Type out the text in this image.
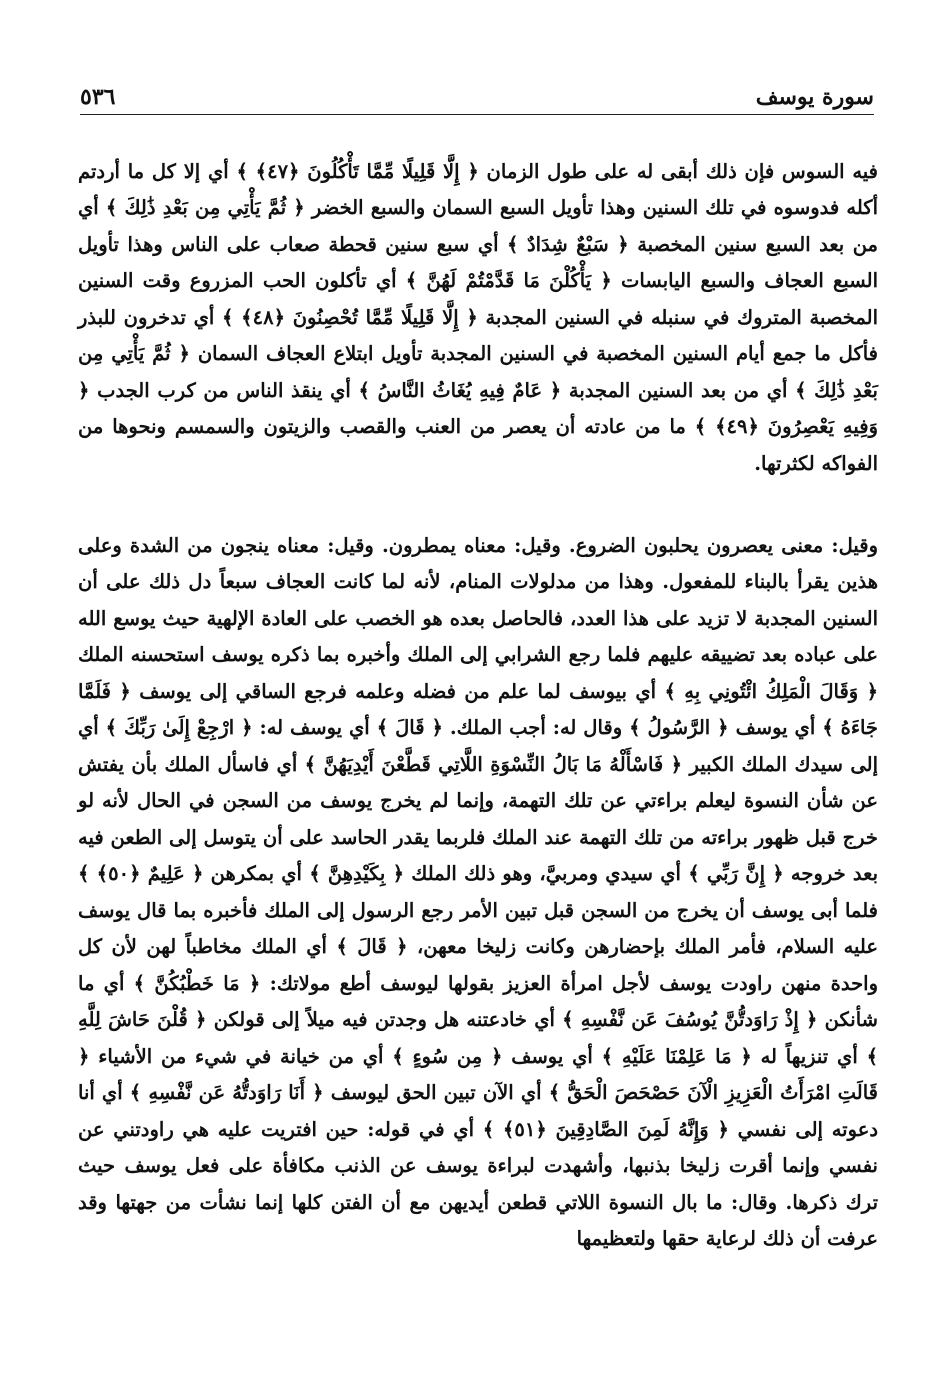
سورة يوسف
٥٣٦

فيه السوس فإن ذلك أبقى له على طول الزمان ﴿ إِلَّا قَلِيلًا مِّمَّا تَأْكُلُونَ ﴿٤٧﴾ ﴾ أي إلا كل ما أردتم أكله فدوسوه في تلك السنين وهذا تأويل السبع السمان والسبع الخضر ﴿ ثُمَّ يَأْتِي مِن بَعْدِ ذَٰلِكَ ﴾ أي من بعد السبع سنين المخصبة ﴿ سَبْعٌ شِدَادٌ ﴾ أي سبع سنين قحطة صعاب على الناس وهذا تأويل السبع العجاف والسبع اليابسات ﴿ يَأْكُلْنَ مَا قَدَّمْتُمْ لَهُنَّ ﴾ أي تأكلون الحب المزروع وقت السنين المخصبة المتروك في سنبله في السنين المجدبة ﴿ إِلَّا قَلِيلًا مِّمَّا تُحْصِنُونَ ﴿٤٨﴾ ﴾ أي تدخرون للبذر فأكل ما جمع أيام السنين المخصبة في السنين المجدبة تأويل ابتلاع العجاف السمان ﴿ ثُمَّ يَأْتِي مِن بَعْدِ ذَٰلِكَ ﴾ أي من بعد السنين المجدبة ﴿ عَامٌ فِيهِ يُغَاثُ النَّاسُ ﴾ أي ينقذ الناس من كرب الجدب ﴿ وَفِيهِ يَعْصِرُونَ ﴿٤٩﴾ ﴾ ما من عادته أن يعصر من العنب والقصب والزيتون والسمسم ونحوها من الفواكه لكثرتها.

وقيل: معنى يعصرون يحلبون الضروع. وقيل: معناه يمطرون. وقيل: معناه ينجون من الشدة وعلى هذين يقرأ بالبناء للمفعول. وهذا من مدلولات المنام، لأنه لما كانت العجاف سبعاً دل ذلك على أن السنين المجدبة لا تزيد على هذا العدد، فالحاصل بعده هو الخصب على العادة الإلهية حيث يوسع الله على عباده بعد تضييقه عليهم فلما رجع الشرابي إلى الملك وأخبره بما ذكره يوسف استحسنه الملك ﴿ وَقَالَ الْمَلِكُ ائْتُونِي بِهِ ﴾ أي بيوسف لما علم من فضله وعلمه فرجع الساقي إلى يوسف ﴿ فَلَمَّا جَاءَهُ ﴾ أي يوسف ﴿ الرَّسُولُ ﴾ وقال له: أجب الملك. ﴿ قَالَ ﴾ أي يوسف له: ﴿ ارْجِعْ إِلَىٰ رَبِّكَ ﴾ أي إلى سيدك الملك الكبير ﴿ فَاسْأَلْهُ مَا بَالُ النِّسْوَةِ اللَّاتِي قَطَّعْنَ أَيْدِيَهُنَّ ﴾ أي فاسأل الملك بأن يفتش عن شأن النسوة ليعلم براءتي عن تلك التهمة، وإنما لم يخرج يوسف من السجن في الحال لأنه لو خرج قبل ظهور براءته من تلك التهمة عند الملك فلربما يقدر الحاسد على أن يتوسل إلى الطعن فيه بعد خروجه ﴿ إِنَّ رَبِّي ﴾ أي سيدي ومربيَّ، وهو ذلك الملك ﴿ بِكَيْدِهِنَّ ﴾ أي بمكرهن ﴿ عَلِيمٌ ﴿٥٠﴾ ﴾ فلما أبى يوسف أن يخرج من السجن قبل تبين الأمر رجع الرسول إلى الملك فأخبره بما قال يوسف عليه السلام، فأمر الملك بإحضارهن وكانت زليخا معهن، ﴿ قَالَ ﴾ أي الملك مخاطباً لهن لأن كل واحدة منهن راودت يوسف لأجل امرأة العزيز بقولها ليوسف أطع مولاتك: ﴿ مَا خَطْبُكُنَّ ﴾ أي ما شأنكن ﴿ إِذْ رَاوَدتُّنَّ يُوسُفَ عَن نَّفْسِهِ ﴾ أي خادعتنه هل وجدتن فيه ميلاً إلى قولكن ﴿ قُلْنَ حَاشَ لِلَّهِ ﴾ أي تنزيهاً له ﴿ مَا عَلِمْنَا عَلَيْهِ ﴾ أي يوسف ﴿ مِن سُوءٍ ﴾ أي من خيانة في شيء من الأشياء ﴿ قَالَتِ امْرَأَتُ الْعَزِيزِ الْآنَ حَصْحَصَ الْحَقُّ ﴾ أي الآن تبين الحق ليوسف ﴿ أَنَا رَاوَدتُّهُ عَن نَّفْسِهِ ﴾ أي أنا دعوته إلى نفسي ﴿ وَإِنَّهُ لَمِنَ الصَّادِقِينَ ﴿٥١﴾ ﴾ أي في قوله: حين افتريت عليه هي راودتني عن نفسي وإنما أقرت زليخا بذنبها، وأشهدت لبراءة يوسف عن الذنب مكافأة على فعل يوسف حيث ترك ذكرها. وقال: ما بال النسوة اللاتي قطعن أيديهن مع أن الفتن كلها إنما نشأت من جهتها وقد عرفت أن ذلك لرعاية حقها ولتعظيمها
